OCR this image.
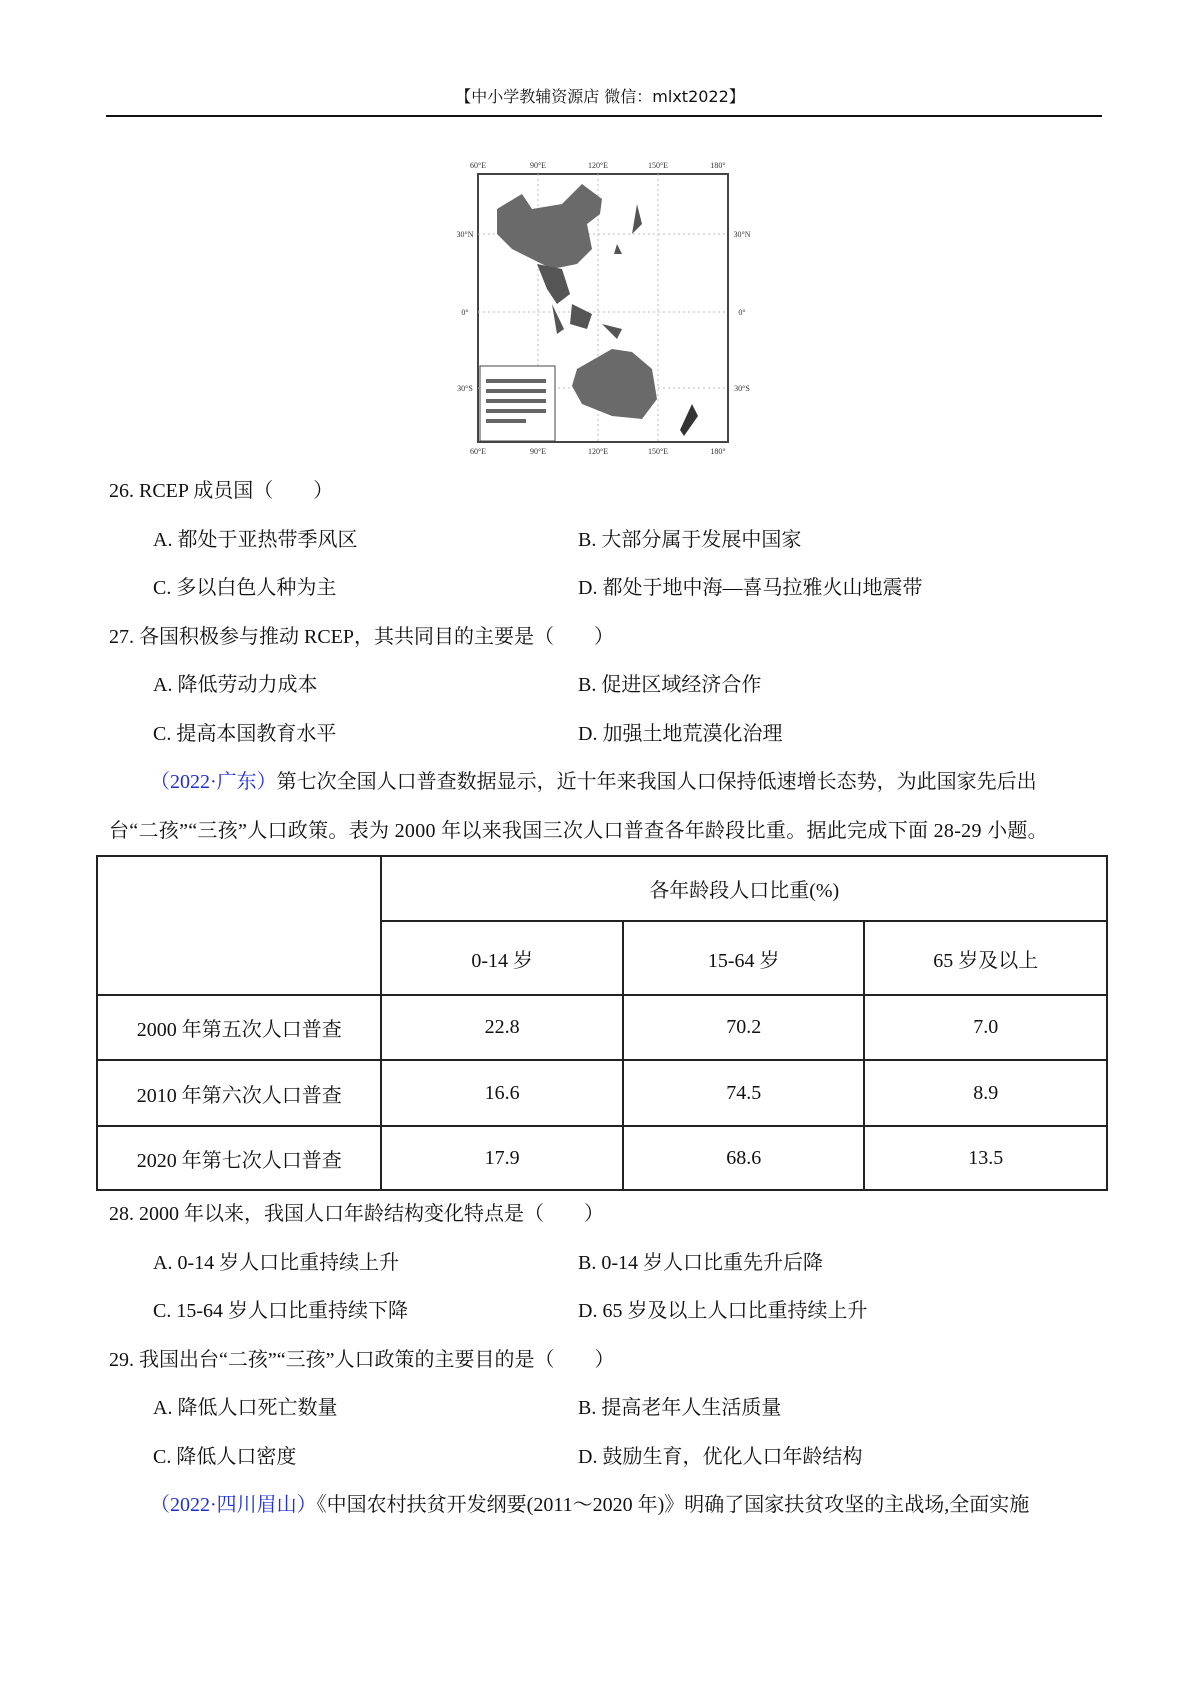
【中小学教辅资源店 微信：mlxt2022】
60°E	90°E	120°E	150°E	180°
60°E	90°E	120°E	150°E	180°
30°N
0°
30°S
30°N
0°
30°S
26. RCEP 成员国（　　）
A. 都处于亚热带季风区	B. 大部分属于发展中国家
C. 多以白色人种为主	D. 都处于地中海—喜马拉雅火山地震带
27. 各国积极参与推动 RCEP，其共同目的主要是（　　）
A. 降低劳动力成本	B. 促进区域经济合作
C. 提高本国教育水平	D. 加强土地荒漠化治理
（2022·广东）第七次全国人口普查数据显示，近十年来我国人口保持低速增长态势，为此国家先后出
台“二孩”“三孩”人口政策。表为 2000 年以来我国三次人口普查各年龄段比重。据此完成下面 28-29 小题。
	各年龄段人口比重(%)		
	0-14 岁	15-64 岁	65 岁及以上
2000 年第五次人口普查	22.8	70.2	7.0
2010 年第六次人口普查	16.6	74.5	8.9
2020 年第七次人口普查	17.9	68.6	13.5
28. 2000 年以来，我国人口年龄结构变化特点是（　　）
A. 0-14 岁人口比重持续上升	B. 0-14 岁人口比重先升后降
C. 15-64 岁人口比重持续下降	D. 65 岁及以上人口比重持续上升
29. 我国出台“二孩”“三孩”人口政策的主要目的是（　　）
A. 降低人口死亡数量	B. 提高老年人生活质量
C. 降低人口密度	D. 鼓励生育，优化人口年龄结构
（2022·四川眉山）《中国农村扶贫开发纲要(2011～2020 年)》明确了国家扶贫攻坚的主战场,全面实施
